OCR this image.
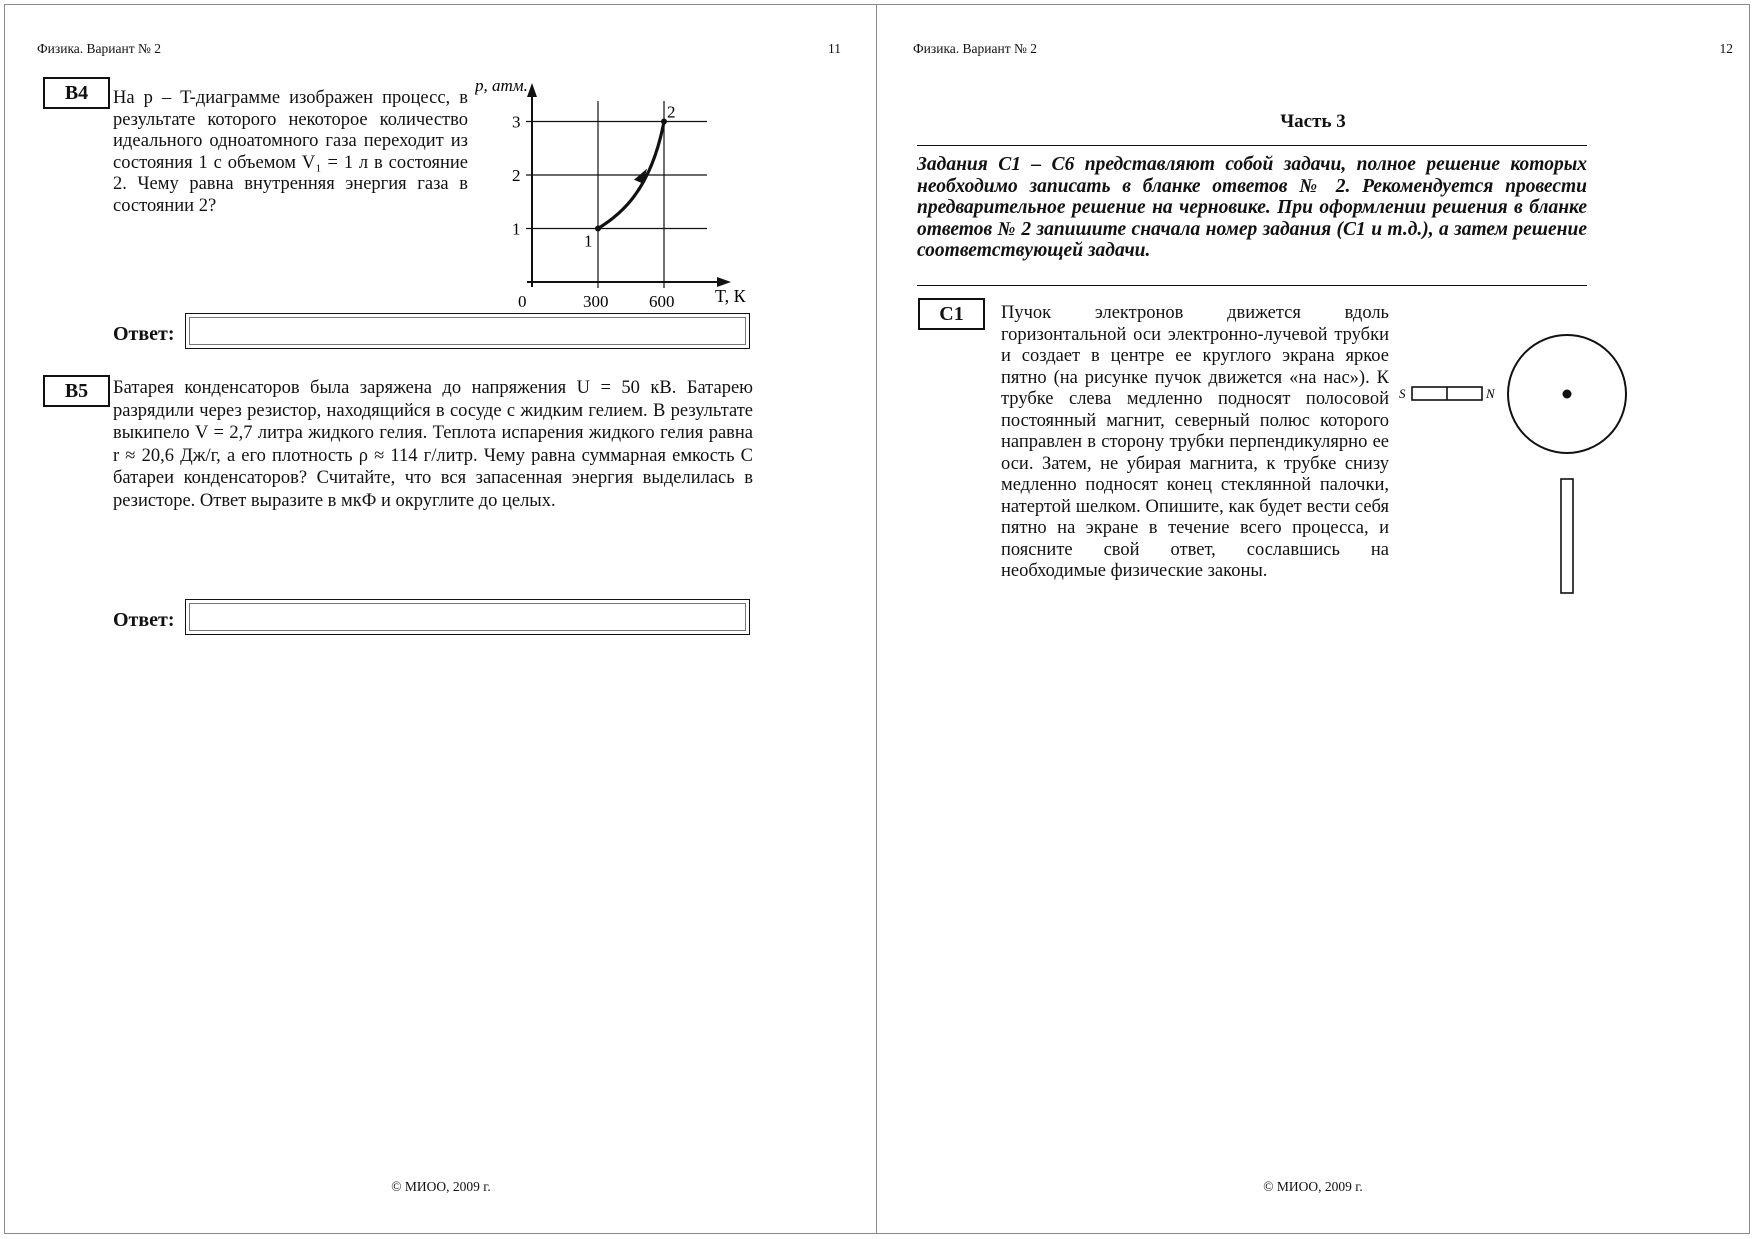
Физика. Вариант № 2	11
B4	На p – T-диаграмме изображен процесс, в результате которого некоторое количество идеального одноатомного газа переходит из состояния 1 с объемом V₁ = 1 л в состояние 2. Чему равна внутренняя энергия газа в состоянии 2?
1
2
3
0	300 600
1
2
p, атм.
T, К
Ответ:
B5	Батарея конденсаторов была заряжена до напряжения U = 50 кВ. Батарею разрядили через резистор, находящийся в сосуде с жидким гелием. В результате выкипело V = 2,7 литра жидкого гелия. Теплота испарения жидкого гелия равна r ≈ 20,6 Дж/г, а его плотность ρ ≈ 114 г/литр. Чему равна суммарная емкость C батареи конденсаторов? Считайте, что вся запасенная энергия выделилась в резисторе. Ответ выразите в мкФ и округлите до целых.
Ответ:
© МИОО, 2009 г.
Физика. Вариант № 2	12
Часть 3
Задания С1 – С6 представляют собой задачи, полное решение которых необходимо записать в бланке ответов № 2. Рекомендуется провести предварительное решение на черновике. При оформлении решения в бланке ответов № 2 запишите сначала номер задания (С1 и т.д.), а затем решение соответствующей задачи.
С1	Пучок электронов движется вдоль горизонтальной оси электронно-лучевой трубки и создает в центре ее круглого экрана яркое пятно (на рисунке пучок движется «на нас»). К трубке слева медленно подносят полосовой постоянный магнит, северный полюс которого направлен в сторону трубки перпендикулярно ее оси. Затем, не убирая магнита, к трубке снизу медленно подносят конец стеклянной палочки, натертой шелком. Опишите, как будет вести себя пятно на экране в течение всего процесса, и поясните свой ответ, сославшись на необходимые физические законы.
S	N
© МИОО, 2009 г.
